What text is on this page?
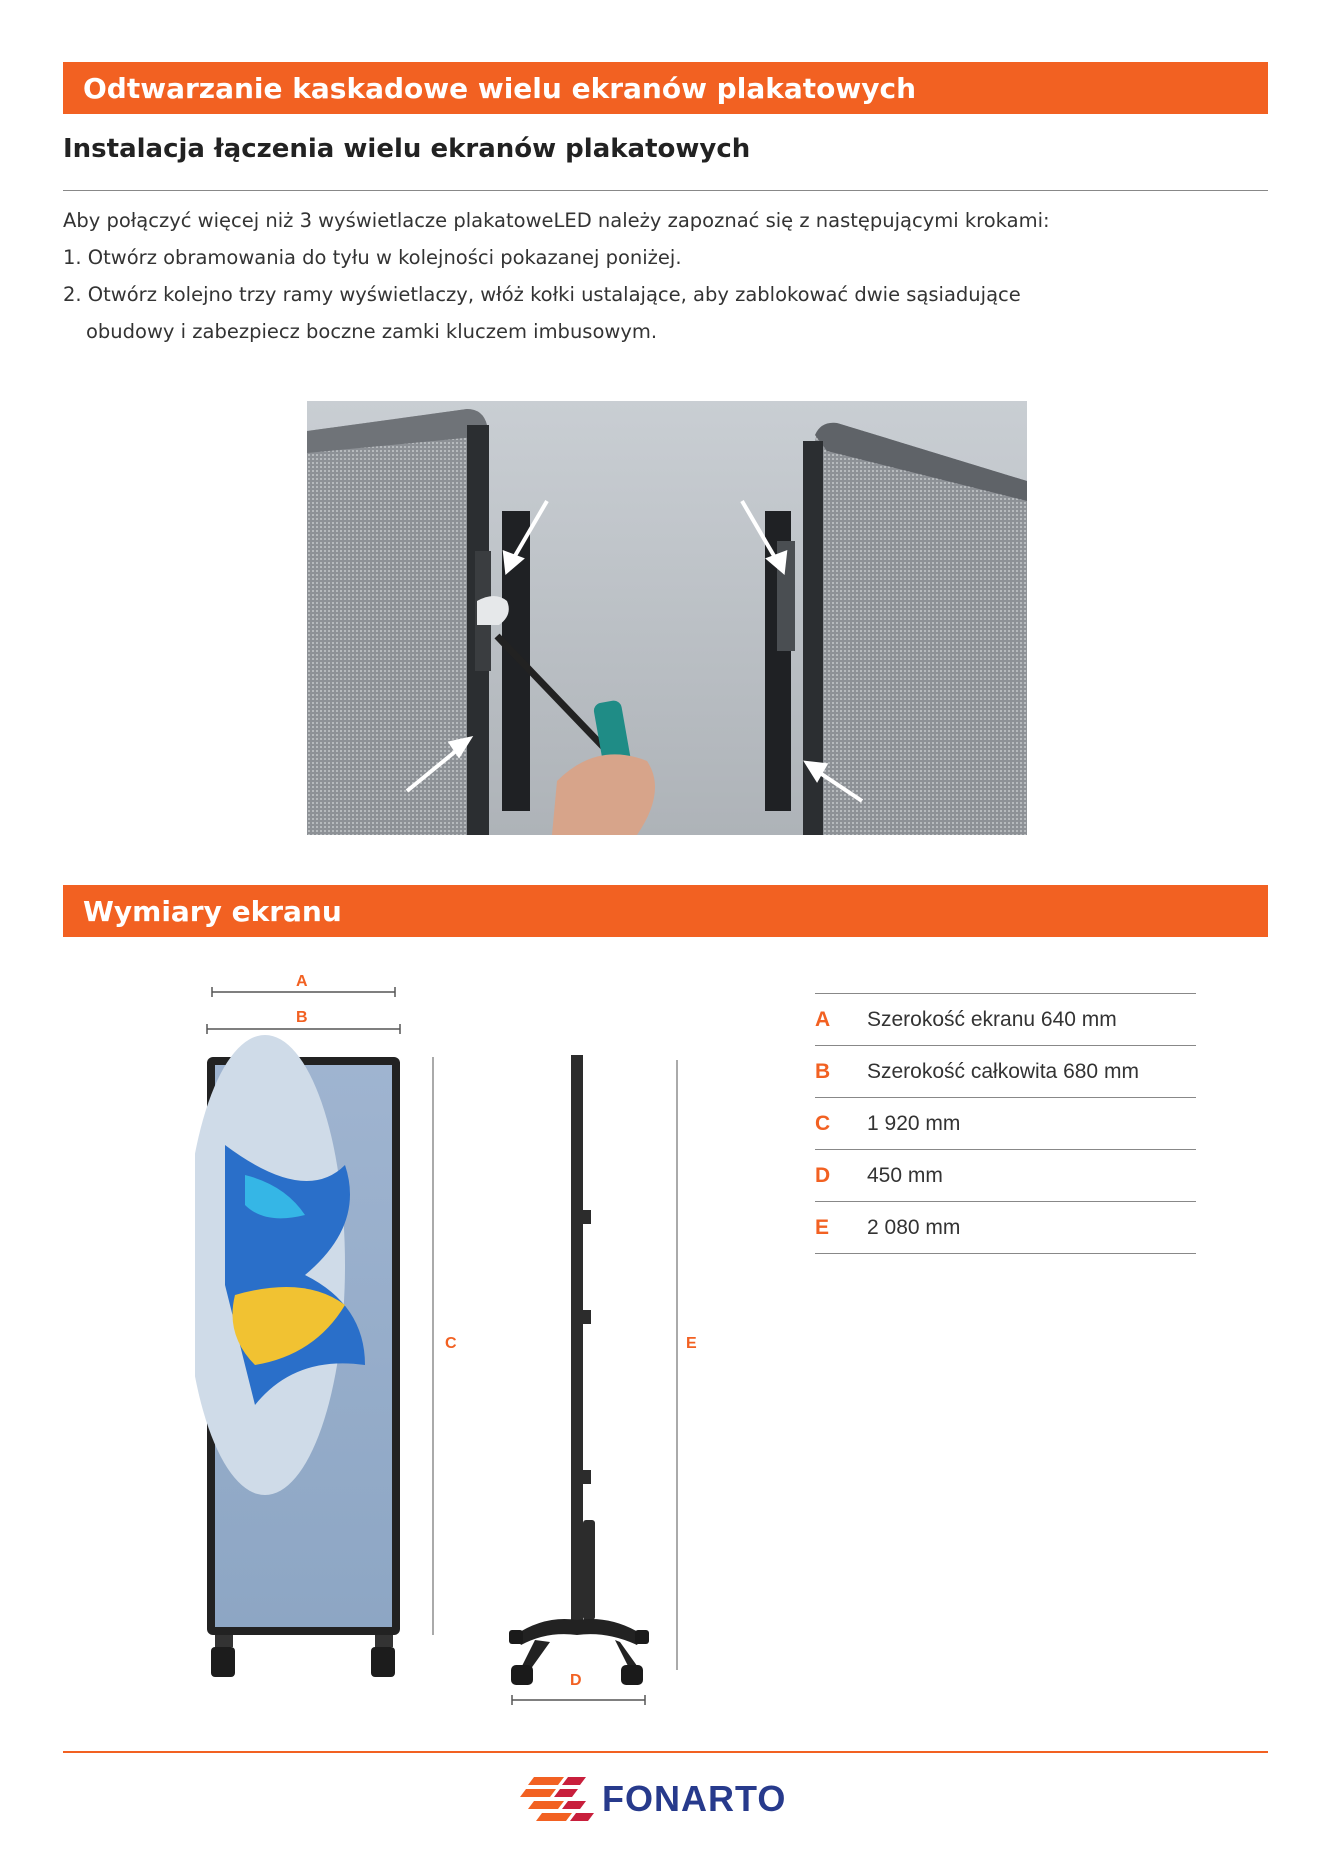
Odtwarzanie kaskadowe wielu ekranów plakatowych
Instalacja łączenia wielu ekranów plakatowych
Aby połączyć więcej niż 3 wyświetlacze plakatoweLED należy zapoznać się z następującymi krokami:
1. Otwórz obramowania do tyłu w kolejności pokazanej poniżej.
2. Otwórz kolejno trzy ramy wyświetlaczy, włóż kołki ustalające, aby zablokować dwie sąsiadujące
obudowy i zabezpiecz boczne zamki kluczem imbusowym.
Wymiary ekranu
A
B
C
D
E
A	Szerokość ekranu 640 mm
B	Szerokość całkowita 680 mm
C	1 920 mm
D	450 mm
E	2 080 mm
FONARTO
